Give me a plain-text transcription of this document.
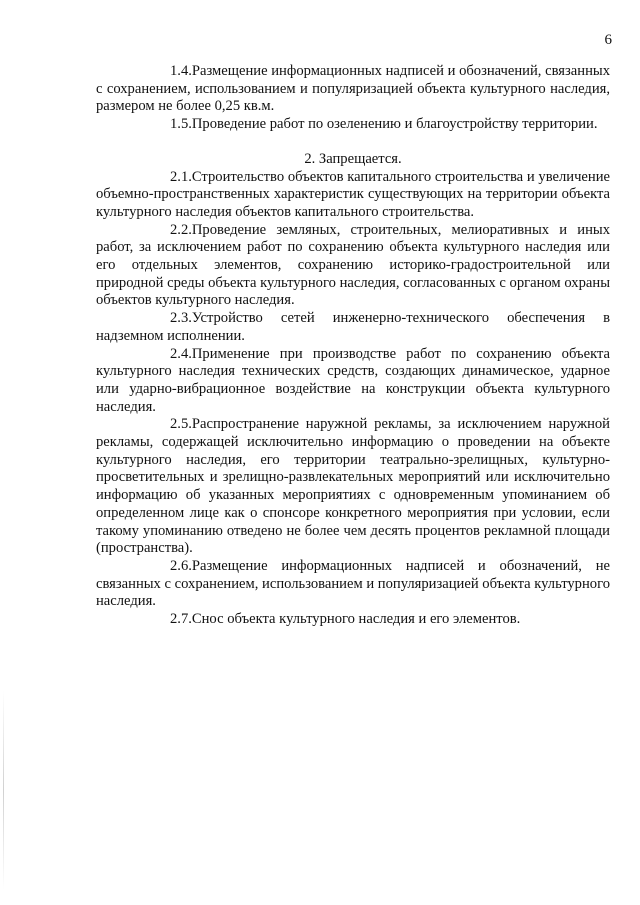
6

1.4.Размещение информационных надписей и обозначений, связанных с сохранением, использованием и популяризацией объекта культурного наследия, размером не более 0,25 кв.м.

1.5.Проведение работ по озеленению и благоустройству территории.

2. Запрещается.

2.1.Строительство объектов капитального строительства и увеличение объемно-пространственных характеристик существующих на территории объекта культурного наследия объектов капитального строительства.

2.2.Проведение земляных, строительных, мелиоративных и иных работ, за исключением работ по сохранению объекта культурного наследия или его отдельных элементов, сохранению историко-градостроительной или природной среды объекта культурного наследия, согласованных с органом охраны объектов культурного наследия.

2.3.Устройство сетей инженерно-технического обеспечения в надземном исполнении.

2.4.Применение при производстве работ по сохранению объекта культурного наследия технических средств, создающих динамическое, ударное или ударно-вибрационное воздействие на конструкции объекта культурного наследия.

2.5.Распространение наружной рекламы, за исключением наружной рекламы, содержащей исключительно информацию о проведении на объекте культурного наследия, его территории театрально-зрелищных, культурно-просветительных и зрелищно-развлекательных мероприятий или исключительно информацию об указанных мероприятиях с одновременным упоминанием об определенном лице как о спонсоре конкретного мероприятия при условии, если такому упоминанию отведено не более чем десять процентов рекламной площади (пространства).

2.6.Размещение информационных надписей и обозначений, не связанных с сохранением, использованием и популяризацией объекта культурного наследия.

2.7.Снос объекта культурного наследия и его элементов.
